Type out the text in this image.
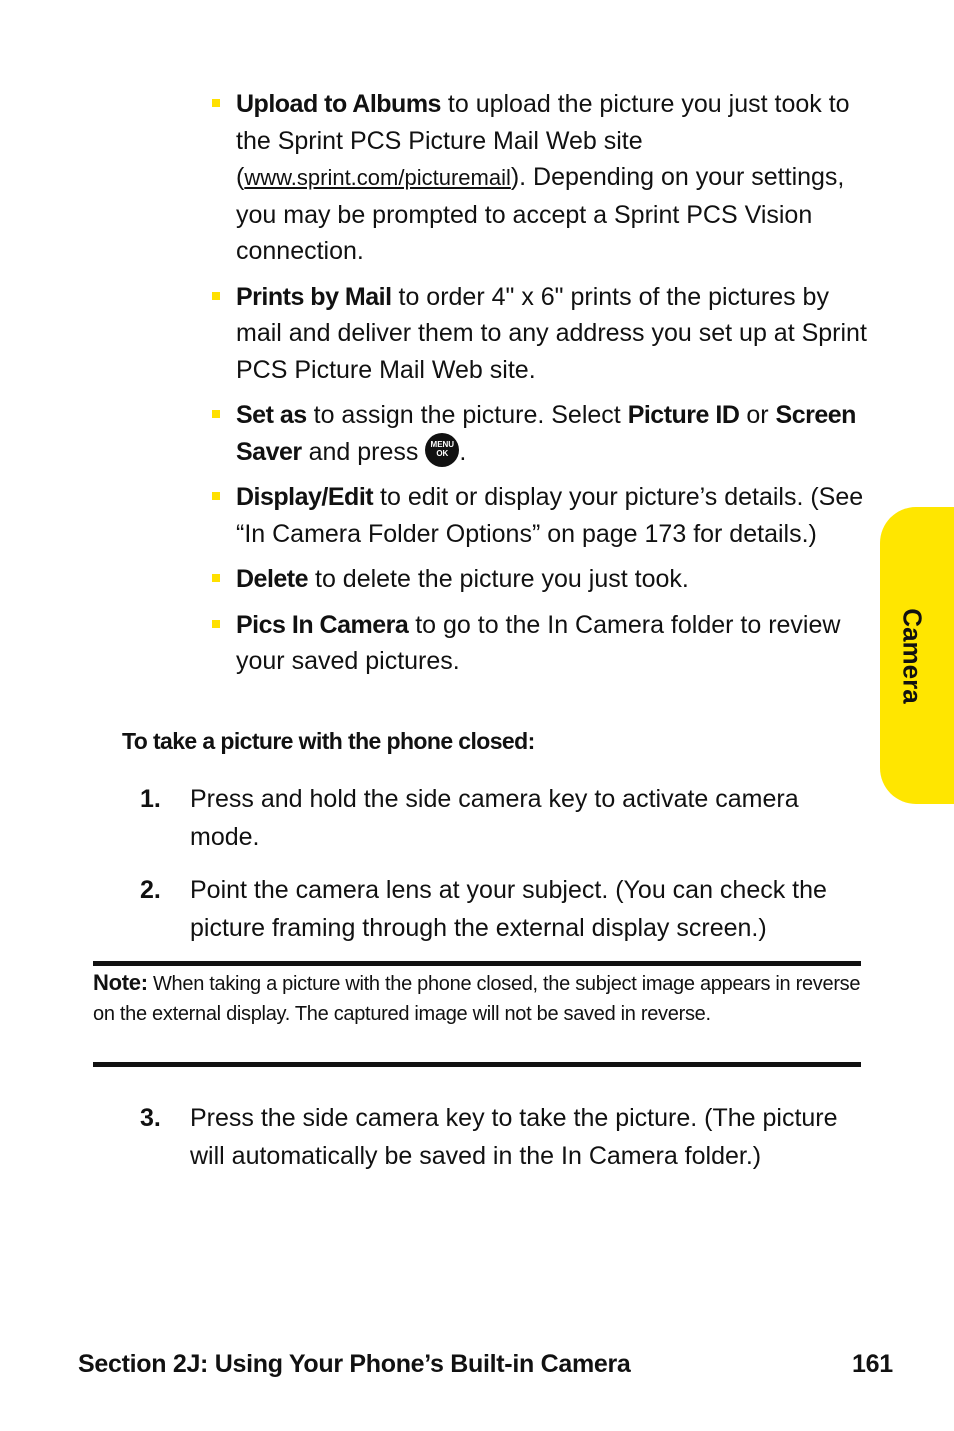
Upload to Albums to upload the picture you just took to the Sprint PCS Picture Mail Web site (www.sprint.com/picturemail). Depending on your settings, you may be prompted to accept a Sprint PCS Vision connection.
Prints by Mail to order 4" x 6" prints of the pictures by mail and deliver them to any address you set up at Sprint PCS Picture Mail Web site.
Set as to assign the picture. Select Picture ID or Screen Saver and press MENU
OK .
Display/Edit to edit or display your picture’s details. (See “In Camera Folder Options” on page 173 for details.)
Delete to delete the picture you just took.
Pics In Camera to go to the In Camera folder to review your saved pictures.
To take a picture with the phone closed:
1. Press and hold the side camera key to activate camera mode.
2. Point the camera lens at your subject. (You can check the picture framing through the external display screen.)
Note: When taking a picture with the phone closed, the subject image appears in reverse on the external display. The captured image will not be saved in reverse.
3. Press the side camera key to take the picture. (The picture will automatically be saved in the In Camera folder.)
Camera
Section 2J: Using Your Phone’s Built-in Camera	161
